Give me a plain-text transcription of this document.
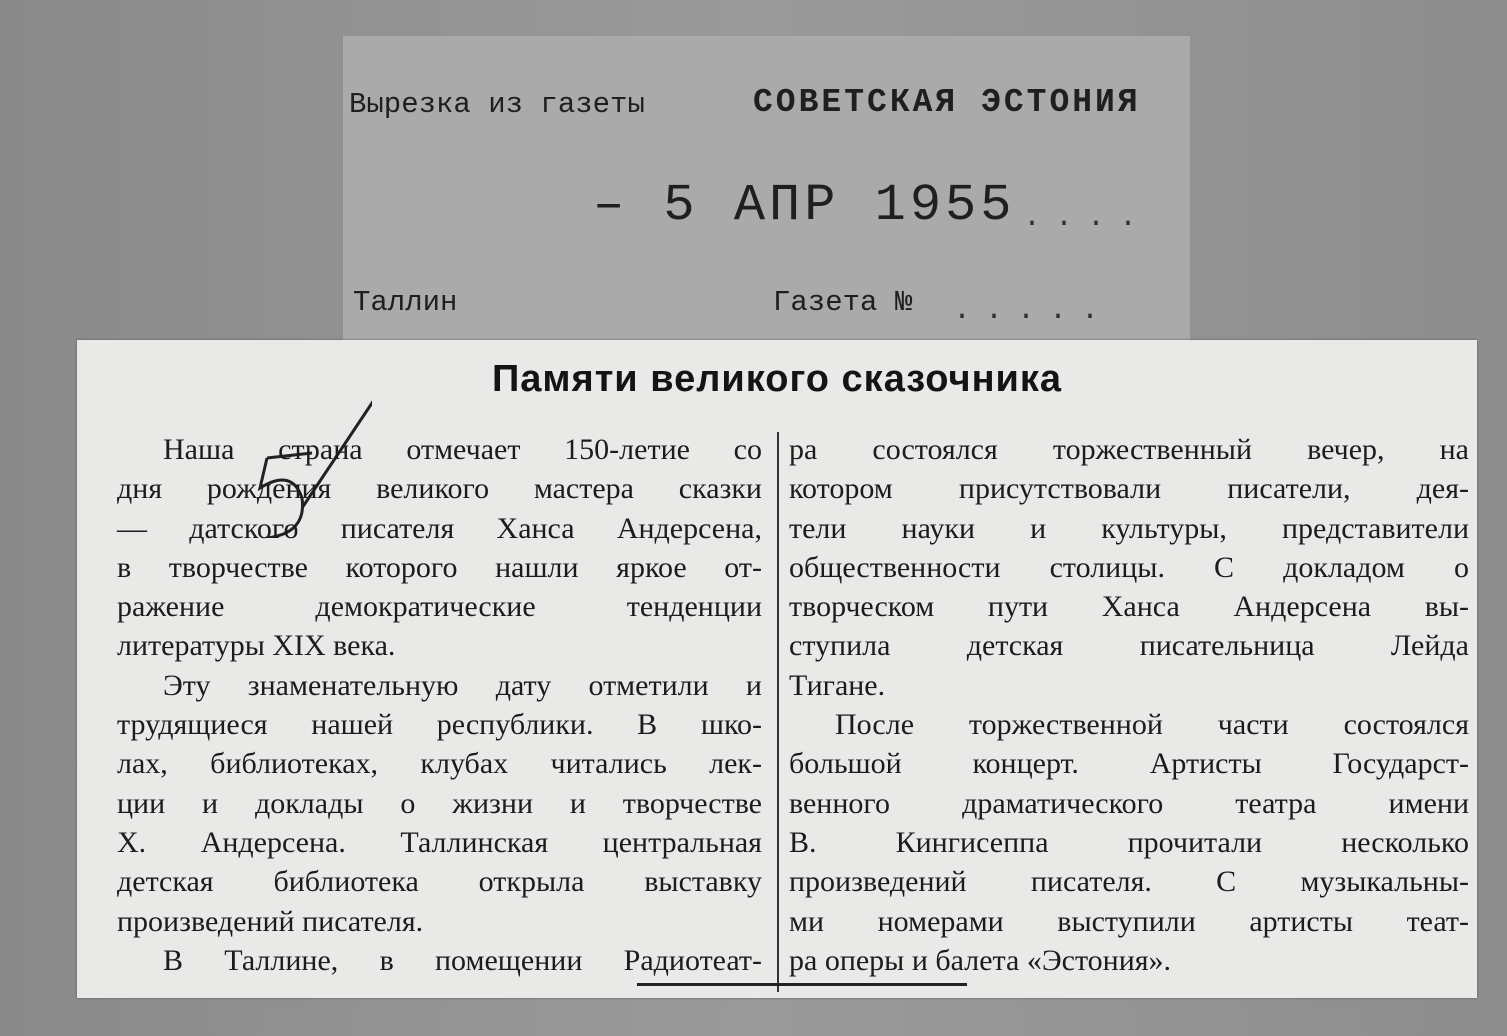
Вырезка из газеты	СОВЕТСКАЯ ЭСТОНИЯ
– 5 АПР 1955 ....
Таллин	Газета № .....
Памяти великого сказочника
Наша страна отмечает 150-летие со
дня рождения великого мастера сказки
— датского писателя Ханса Андерсена,
в творчестве которого нашли яркое от-
ражение демократические тенденции
литературы XIX века.
Эту знаменательную дату отметили и
трудящиеся нашей республики. В шко-
лах, библиотеках, клубах читались лек-
ции и доклады о жизни и творчестве
Х. Андерсена. Таллинская центральная
детская библиотека открыла выставку
произведений писателя.
В Таллине, в помещении Радиотеат-
ра состоялся торжественный вечер, на
котором присутствовали писатели, дея-
тели науки и культуры, представители
общественности столицы. С докладом о
творческом пути Ханса Андерсена вы-
ступила детская писательница Лейда
Тигане.
После торжественной части состоялся
большой концерт. Артисты Государст-
венного драматического театра имени
В. Кингисеппа прочитали несколько
произведений писателя. С музыкальны-
ми номерами выступили артисты теат-
ра оперы и балета «Эстония».
